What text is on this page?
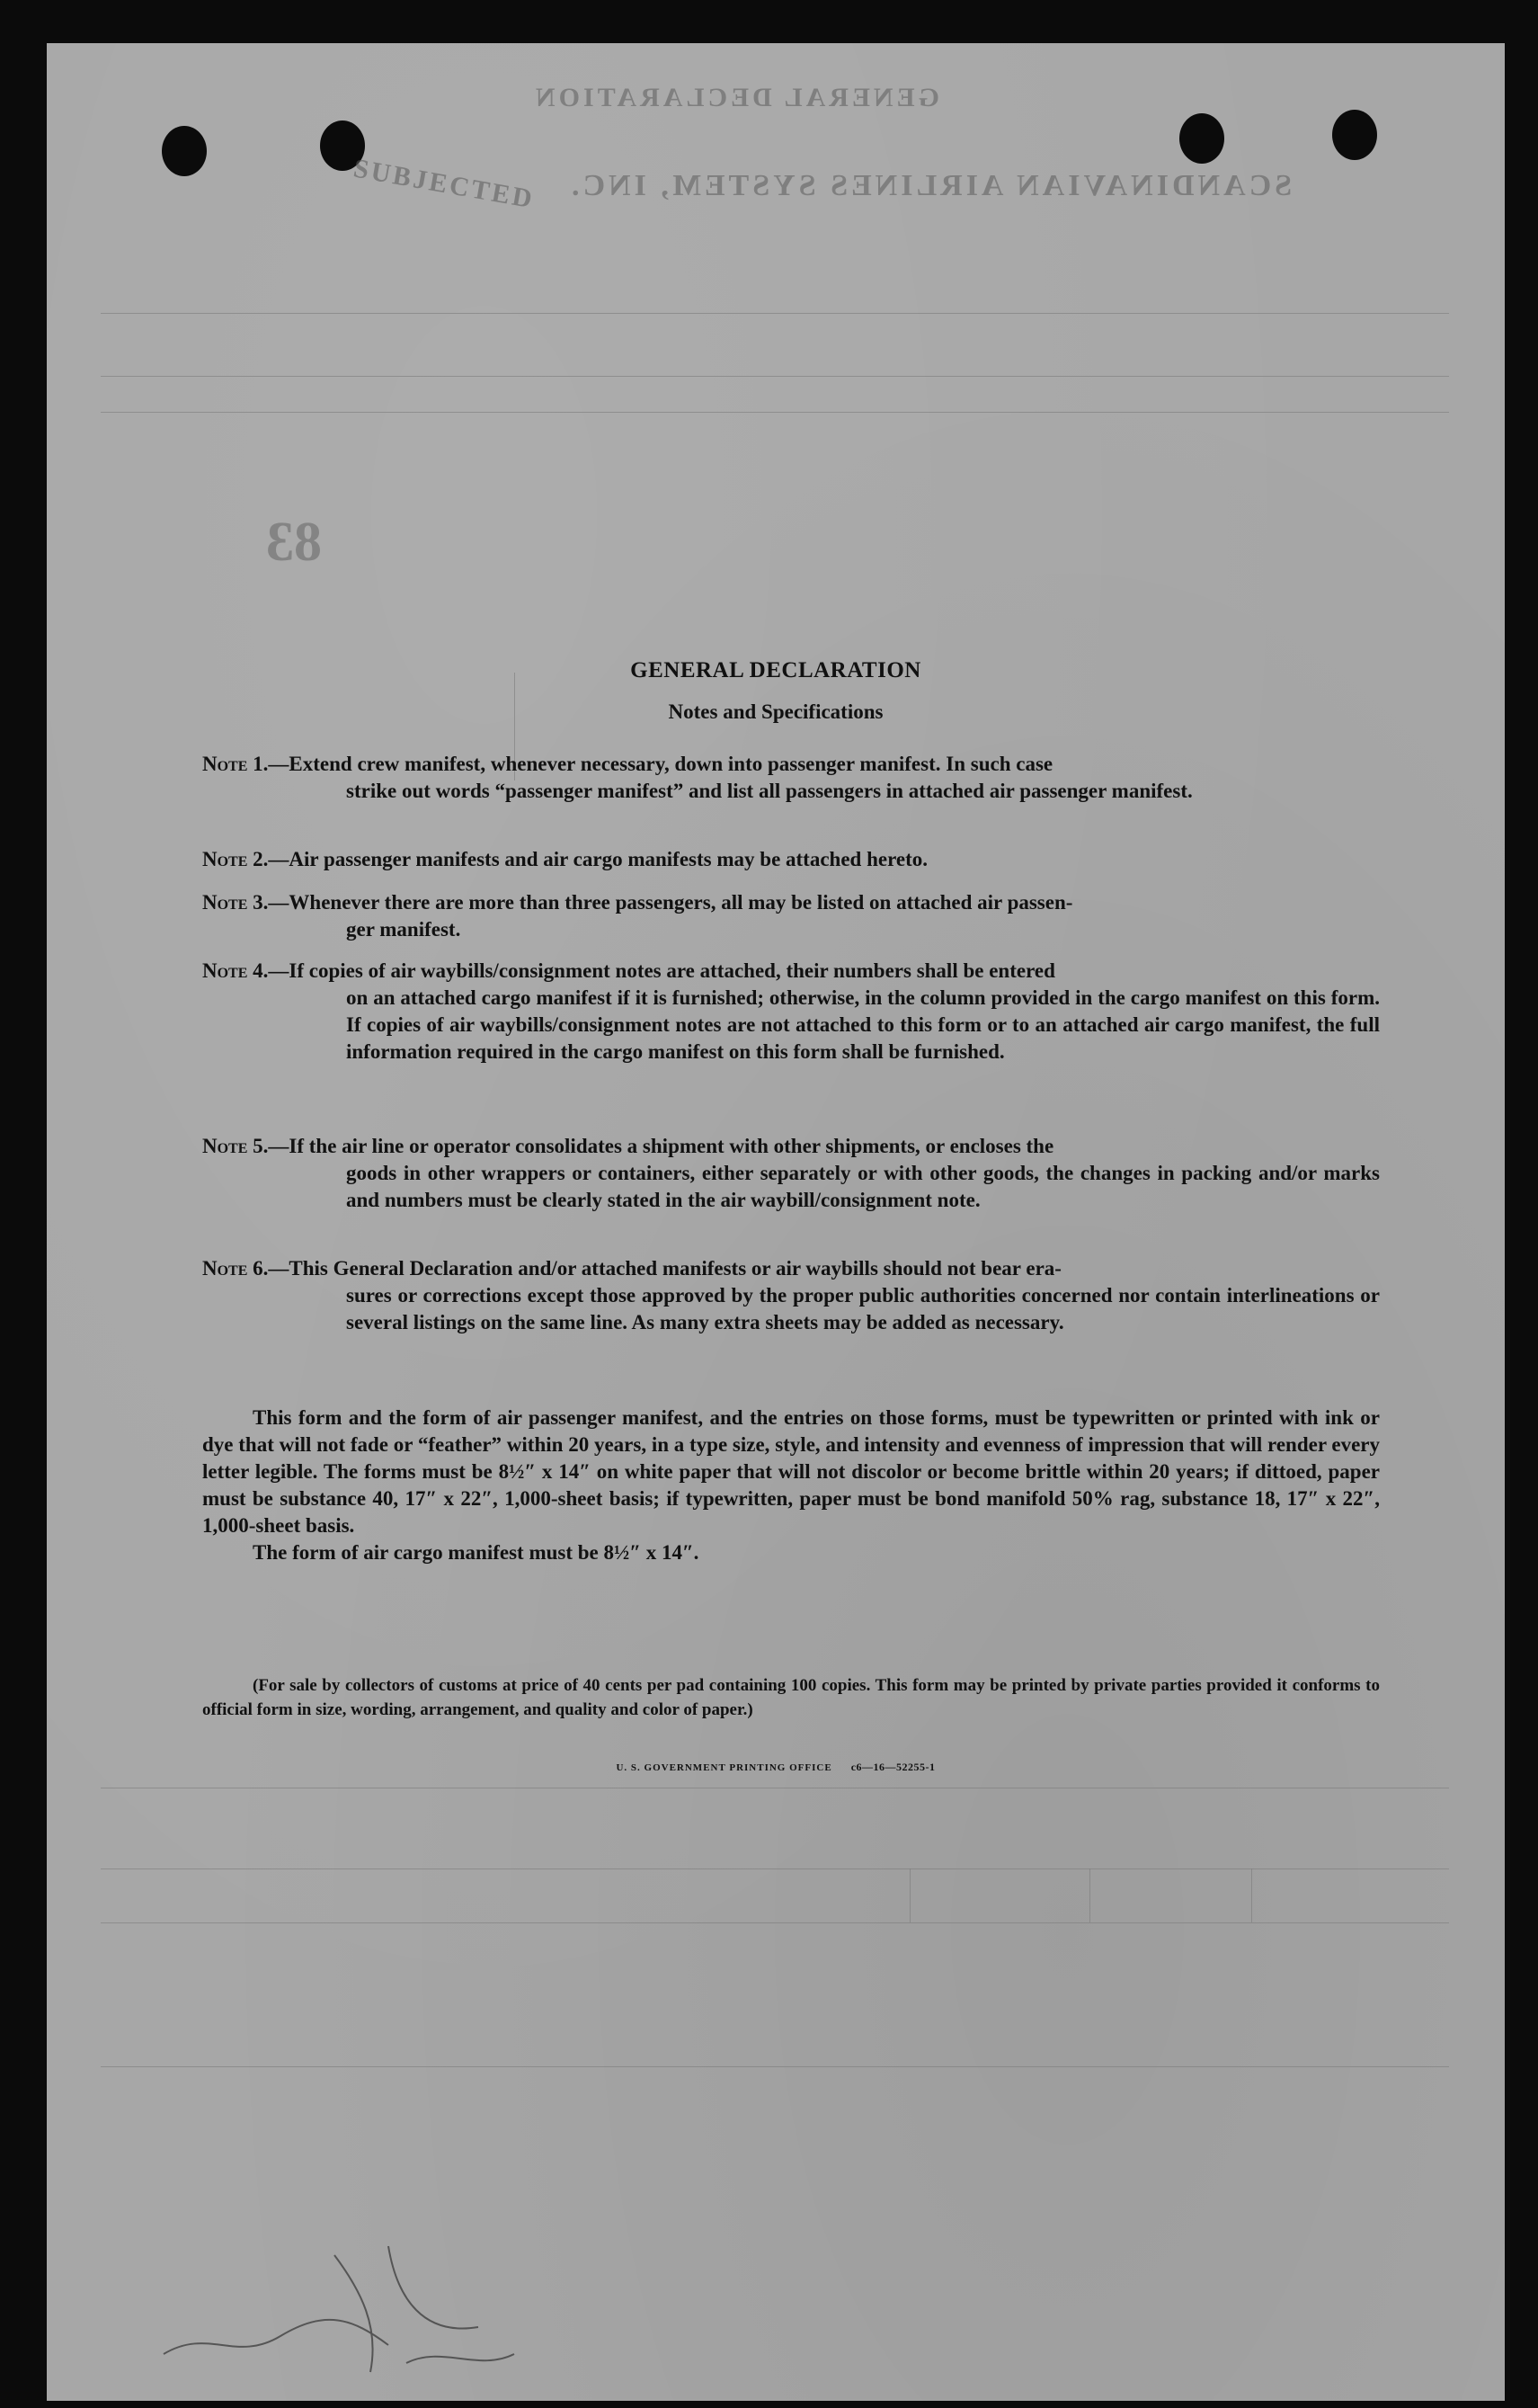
GENERAL DECLARATION
SCANDINAVIAN AIRLINES SYSTEM, INC.
SUBJECTED
83
GENERAL DECLARATION
Notes and Specifications
Note 1.—Extend crew manifest, whenever necessary, down into passenger manifest. In such case
strike out words “passenger manifest” and list all passengers in attached air passenger manifest.
Note 2.—Air passenger manifests and air cargo manifests may be attached hereto.
Note 3.—Whenever there are more than three passengers, all may be listed on attached air passen-
ger manifest.
Note 4.—If copies of air waybills/consignment notes are attached, their numbers shall be entered
on an attached cargo manifest if it is furnished; otherwise, in the column provided in the cargo manifest on this form. If copies of air waybills/consignment notes are not attached to this form or to an attached air cargo manifest, the full information required in the cargo manifest on this form shall be furnished.
Note 5.—If the air line or operator consolidates a shipment with other shipments, or encloses the
goods in other wrappers or containers, either separately or with other goods, the changes in packing and/or marks and numbers must be clearly stated in the air waybill/consignment note.
Note 6.—This General Declaration and/or attached manifests or air waybills should not bear era-
sures or corrections except those approved by the proper public authorities concerned nor contain interlineations or several listings on the same line. As many extra sheets may be added as necessary.

This form and the form of air passenger manifest, and the entries on those forms, must be typewritten or printed with ink or dye that will not fade or “feather” within 20 years, in a type size, style, and intensity and evenness of impression that will render every letter legible. The forms must be 8½″ x 14″ on white paper that will not discolor or become brittle within 20 years; if dittoed, paper must be substance 40, 17″ x 22″, 1,000-sheet basis; if typewritten, paper must be bond manifold 50% rag, substance 18, 17″ x 22″, 1,000-sheet basis.

The form of air cargo manifest must be 8½″ x 14″.

(For sale by collectors of customs at price of 40 cents per pad containing 100 copies. This form may be printed by private parties provided it conforms to official form in size, wording, arrangement, and quality and color of paper.)

U. S. GOVERNMENT PRINTING OFFICE c6—16—52255-1
